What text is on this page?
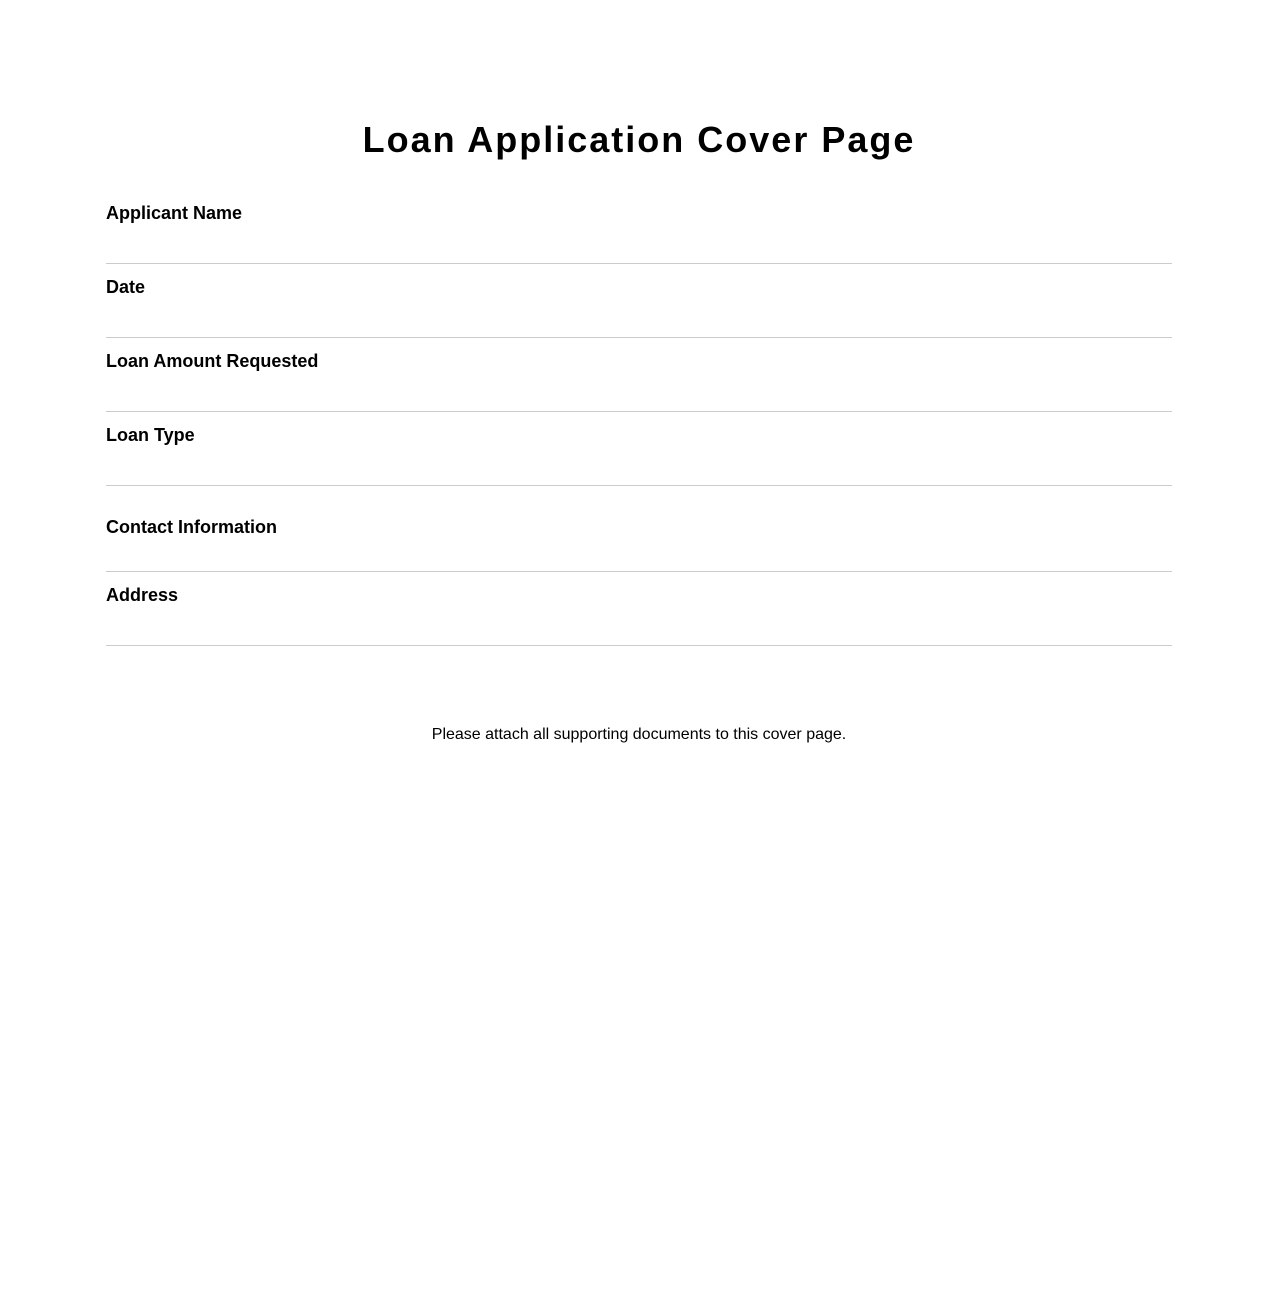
Loan Application Cover Page
Applicant Name
Date
Loan Amount Requested
Loan Type
Contact Information
Address

Please attach all supporting documents to this cover page.
